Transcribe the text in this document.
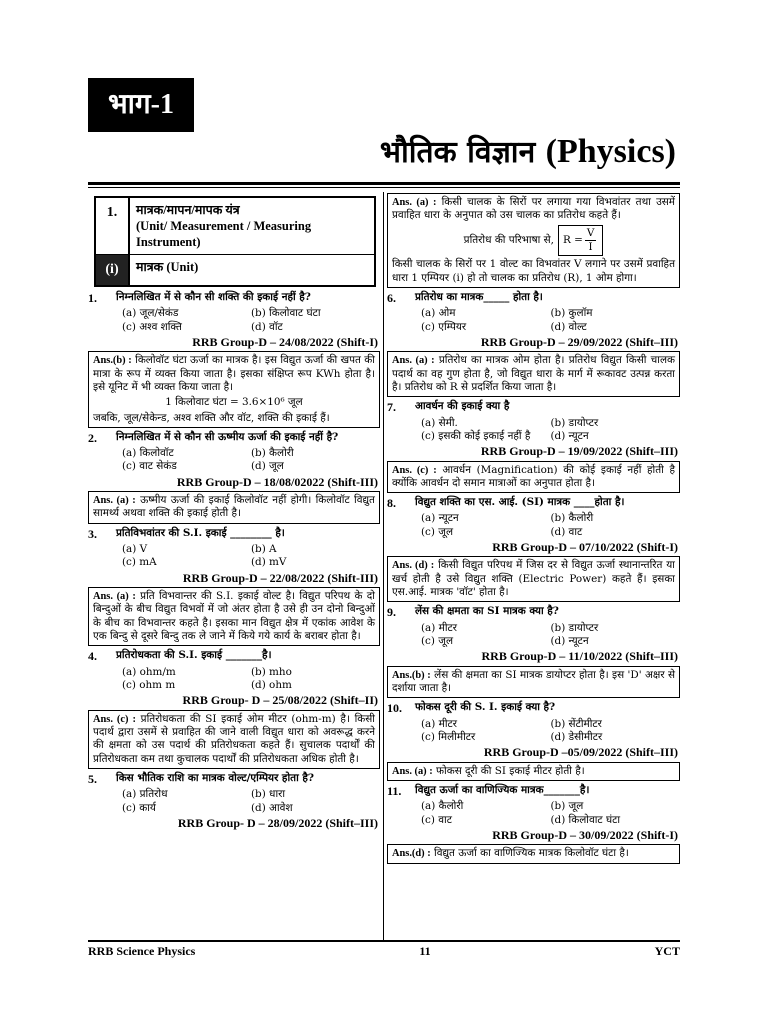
भाग-1
भौतिक विज्ञान (Physics)
1.	मात्रक/मापन/मापक यंत्र
(Unit/ Measurement / Measuring Instrument)
(i)	मात्रक (Unit)
1.	निम्नलिखित में से कौन सी शक्ति की इकाई नहीं है?
(a) जूल/सेकंड	(b) किलोवाट घंटा
(c) अश्व शक्ति	(d) वॉट
RRB Group-D – 24/08/2022 (Shift-I)
Ans.(b) : किलोवॉट घंटा ऊर्जा का मात्रक है। इस विद्युत ऊर्जा की खपत की मात्रा के रूप में व्यक्त किया जाता है। इसका संक्षिप्त रूप KWh होता है। इसे यूनिट में भी व्यक्त किया जाता है।
1 किलोवाट घंटा = 3.6×10⁶ जूल
जबकि, जूल/सेकेन्ड, अश्व शक्ति और वॉट, शक्ति की इकाई हैं।
2.	निम्नलिखित में से कौन सी ऊष्मीय ऊर्जा की इकाई नहीं है?
(a) किलोवॉट	(b) कैलोरी
(c) वाट सेकंड	(d) जूल
RRB Group-D – 18/08/02022 (Shift-III)
Ans. (a) : ऊष्मीय ऊर्जा की इकाई किलोवॉट नहीं होगी। किलोवॉट विद्युत सामर्थ्य अथवा शक्ति की इकाई होती है।
3.	प्रतिविभवांतर की S.I. इकाई ________ है।
(a) V	(b) A
(c) mA	(d) mV
RRB Group-D – 22/08/2022 (Shift-III)
Ans. (a) : प्रति विभवान्तर की S.I. इकाई वोल्ट है। विद्युत परिपथ के दो बिन्दुओं के बीच विद्युत विभवों में जो अंतर होता है उसे ही उन दोनो बिन्दुओं के बीच का विभवान्तर कहते है। इसका मान विद्युत क्षेत्र में एकांक आवेश के एक बिन्दु से दूसरे बिन्दु तक ले जाने में किये गये कार्य के बराबर होता है।
4.	प्रतिरोधकता की S.I. इकाई _______है।
(a) ohm/m	(b) mho
(c) ohm m	(d) ohm
RRB Group- D – 25/08/2022 (Shift–II)
Ans. (c) : प्रतिरोधकता की SI इकाई ओम मीटर (ohm-m) है। किसी पदार्थ द्वारा उसमें से प्रवाहित की जाने वाली विद्युत धारा को अवरूद्ध करने की क्षमता को उस पदार्थ की प्रतिरोधकता कहते हैं। सुचालक पदार्थों की प्रतिरोधकता कम तथा कुचालक पदार्थों की प्रतिरोधकता अधिक होती है।
5.	किस भौतिक राशि का मात्रक वोल्ट/एम्पियर होता है?
(a) प्रतिरोध	(b) धारा
(c) कार्य	(d) आवेश
RRB Group- D – 28/09/2022 (Shift–III)
Ans. (a) : किसी चालक के सिरों पर लगाया गया विभवांतर तथा उसमें प्रवाहित धारा के अनुपात को उस चालक का प्रतिरोध कहते हैं।
प्रतिरोध की परिभाषा से, $R = \frac{V}{I}$
किसी चालक के सिरों पर 1 वोल्ट का विभवांतर V लगाने पर उसमें प्रवाहित धारा 1 एम्पियर (i) हो तो चालक का प्रतिरोध (R), 1 ओम होगा।
6.	प्रतिरोध का मात्रक_____ होता है।
(a) ओम	(b) कुलॉम
(c) एम्पियर	(d) वोल्ट
RRB Group-D – 29/09/2022 (Shift–III)
Ans. (a) : प्रतिरोध का मात्रक ओम होता है। प्रतिरोध विद्युत किसी चालक पदार्थ का वह गुण होता है, जो विद्युत धारा के मार्ग में रूकावट उत्पन्न करता है। प्रतिरोध को R से प्रदर्शित किया जाता है।
7.	आवर्धन की इकाई क्या है
(a) सेमी.	(b) डायोप्टर
(c) इसकी कोई इकाई नहीं है	(d) न्यूटन
RRB Group-D – 19/09/2022 (Shift–III)
Ans. (c) : आवर्धन (Magnification) की कोई इकाई नहीं होती है क्योंकि आवर्धन दो समान मात्राओं का अनुपात होता है।
8.	विद्युत शक्ति का एस. आई. (SI) मात्रक ____होता है।
(a) न्यूटन	(b) कैलोरी
(c) जूल	(d) वाट
RRB Group-D – 07/10/2022 (Shift-I)
Ans. (d) : किसी विद्युत परिपथ में जिस दर से विद्युत ऊर्जा स्थानान्तरित या खर्च होती है उसे विद्युत शक्ति (Electric Power) कहते हैं। इसका एस.आई. मात्रक 'वॉट' होता है।
9.	लेंस की क्षमता का SI मात्रक क्या है?
(a) मीटर	(b) डायोप्टर
(c) जूल	(d) न्यूटन
RRB Group-D – 11/10/2022 (Shift–III)
Ans.(b) : लेंस की क्षमता का SI मात्रक डायोप्टर होता है। इस 'D' अक्षर से दर्शाया जाता है।
10.	फोकस दूरी की S. I. इकाई क्या है?
(a) मीटर	(b) सेंटीमीटर
(c) मिलीमीटर	(d) डेसीमीटर
RRB Group-D –05/09/2022 (Shift–III)
Ans. (a) : फोकस दूरी की SI इकाई मीटर होती है।
11.	विद्युत ऊर्जा का वाणिज्यिक मात्रक_______है।
(a) कैलोरी	(b) जूल
(c) वाट	(d) किलोवाट घंटा
RRB Group-D – 30/09/2022 (Shift-I)
Ans.(d) : विद्युत ऊर्जा का वाणिज्यिक मात्रक किलोवॉट घंटा है।
RRB Science Physics	11	YCT
